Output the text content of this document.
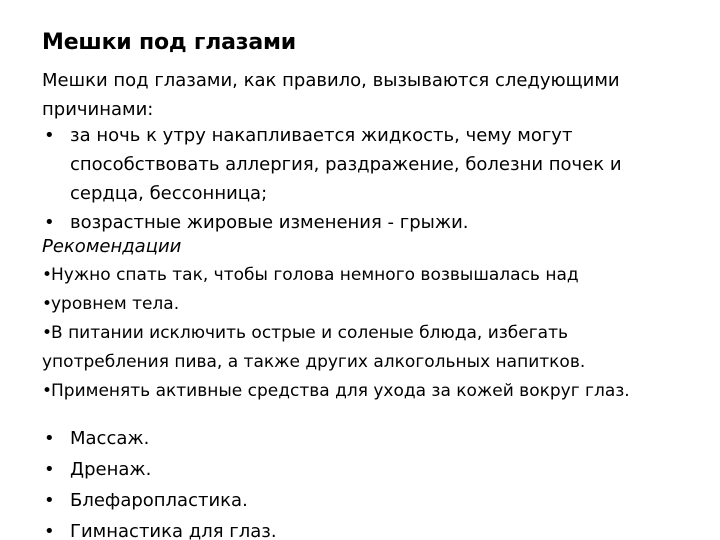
Мешки под глазами
Мешки под глазами, как правило, вызываются следующими причинами:
• за ночь к утру накапливается жидкость, чему могут способствовать аллергия, раздражение, болезни почек и сердца, бессонница;
• возрастные жировые изменения - грыжи.
Рекомендации
•Нужно спать так, чтобы голова немного возвышалась над
•уровнем тела.
•В питании исключить острые и соленые блюда, избегать употребления пива, а также других алкогольных напитков.
•Применять активные средства для ухода за кожей вокруг глаз.
• Массаж.
• Дренаж.
• Блефаропластика.
• Гимнастика для глаз.
